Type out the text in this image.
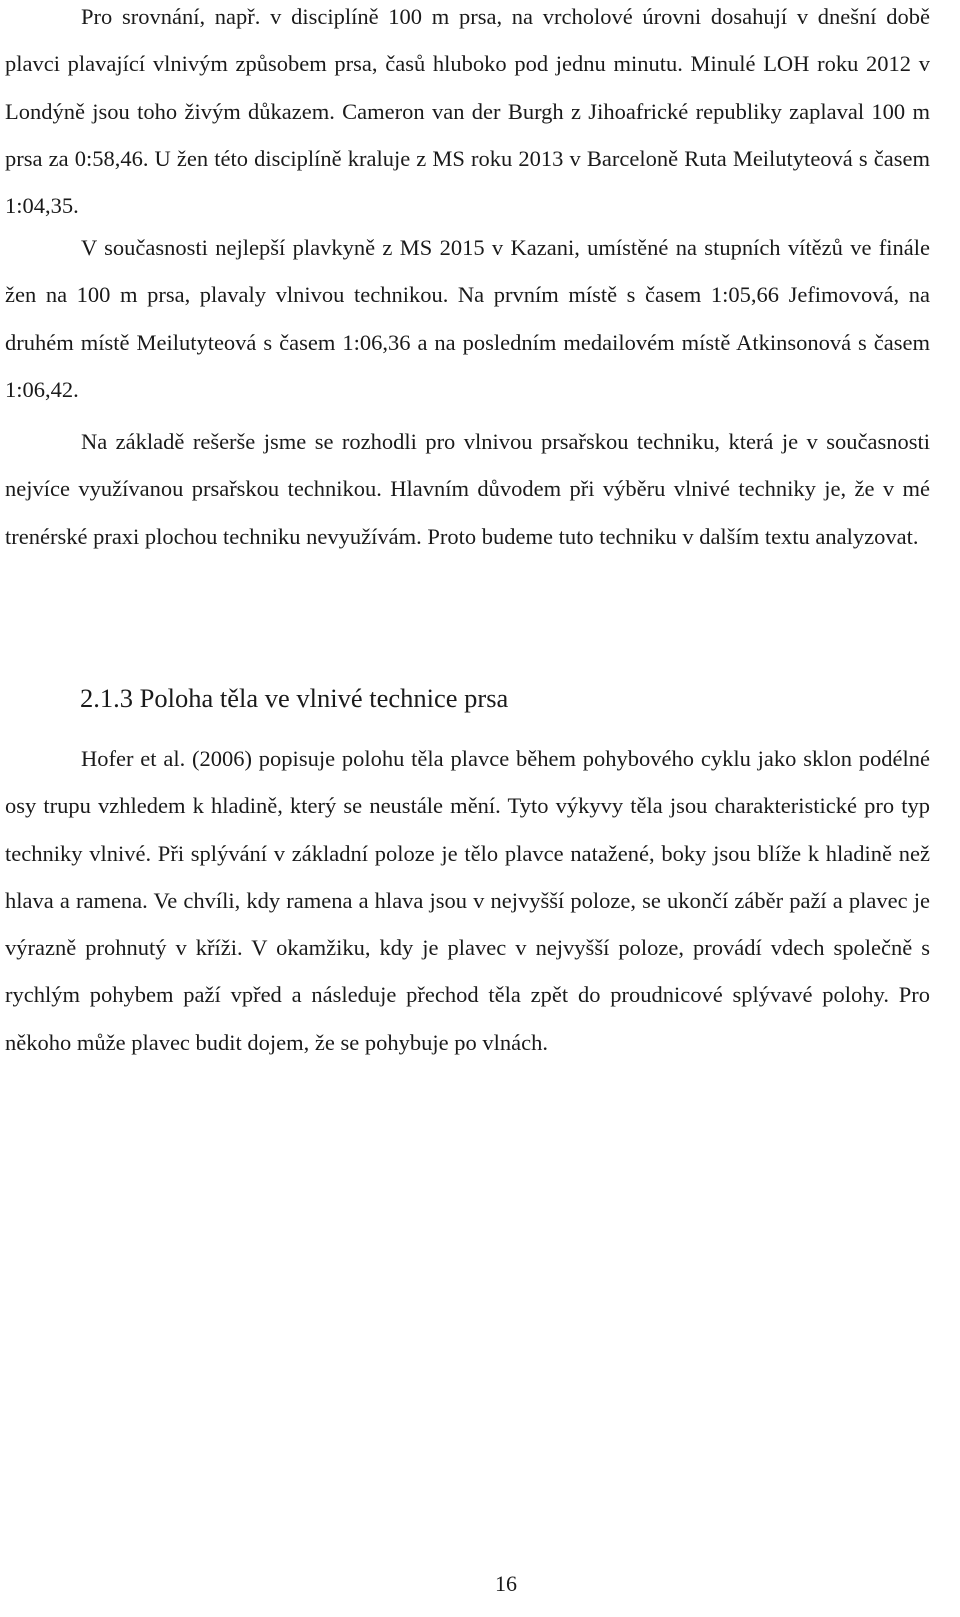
Pro srovnání, např. v disciplíně 100 m prsa, na vrcholové úrovni dosahují v dnešní době plavci plavající vlnivým způsobem prsa, časů hluboko pod jednu minutu. Minulé LOH roku 2012 v Londýně jsou toho živým důkazem. Cameron van der Burgh z Jihoafrické republiky zaplaval 100 m prsa za 0:58,46. U žen této disciplíně kraluje z MS roku 2013 v Barceloně Ruta Meilutyteová s časem 1:04,35.

V současnosti nejlepší plavkyně z MS 2015 v Kazani, umístěné na stupních vítězů ve finále žen na 100 m prsa, plavaly vlnivou technikou. Na prvním místě s časem 1:05,66 Jefimovová, na druhém místě Meilutyteová s časem 1:06,36 a na posledním medailovém místě Atkinsonová s časem 1:06,42.

Na základě rešerše jsme se rozhodli pro vlnivou prsařskou techniku, která je v současnosti nejvíce využívanou prsařskou technikou. Hlavním důvodem při výběru vlnivé techniky je, že v mé trenérské praxi plochou techniku nevyužívám. Proto budeme tuto techniku v dalším textu analyzovat.

2.1.3 Poloha těla ve vlnivé technice prsa

Hofer et al. (2006) popisuje polohu těla plavce během pohybového cyklu jako sklon podélné osy trupu vzhledem k hladině, který se neustále mění. Tyto výkyvy těla jsou charakteristické pro typ techniky vlnivé. Při splývání v základní poloze je tělo plavce natažené, boky jsou blíže k hladině než hlava a ramena. Ve chvíli, kdy ramena a hlava jsou v nejvyšší poloze, se ukončí záběr paží a plavec je výrazně prohnutý v kříži. V okamžiku, kdy je plavec v nejvyšší poloze, provádí vdech společně s rychlým pohybem paží vpřed a následuje přechod těla zpět do proudnicové splývavé polohy. Pro někoho může plavec budit dojem, že se pohybuje po vlnách.

16
